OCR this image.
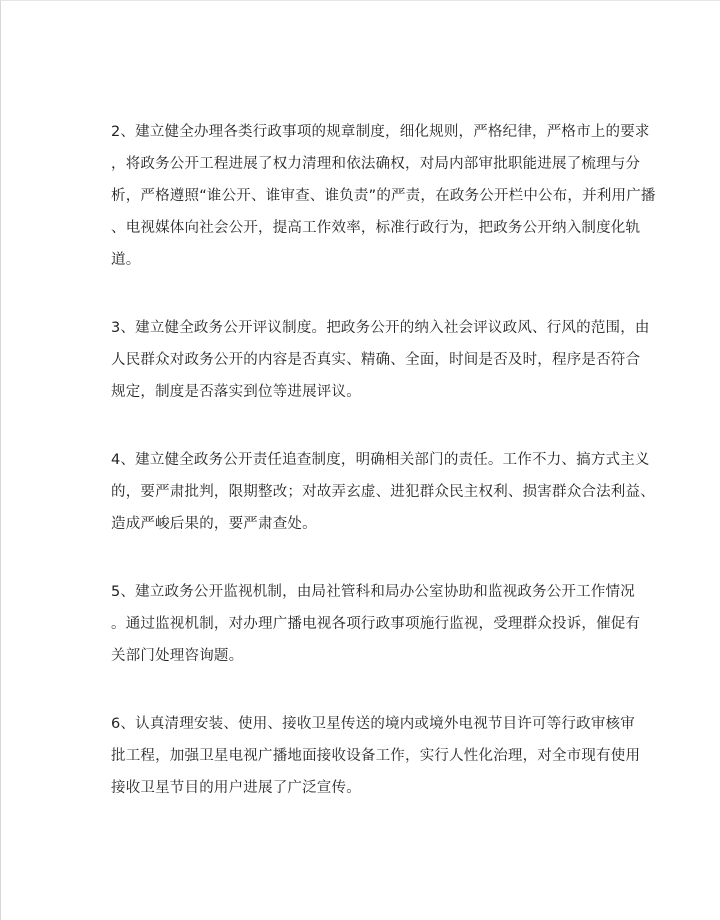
2、建立健全办理各类行政事项的规章制度，细化规则，严格纪律，严格市上的要求
，将政务公开工程进展了权力清理和依法确权，对局内部审批职能进展了梳理与分
析，严格遵照“谁公开、谁审查、谁负责”的严责，在政务公开栏中公布，并利用广播
、电视媒体向社会公开，提高工作效率，标准行政行为，把政务公开纳入制度化轨
道。

3、建立健全政务公开评议制度。把政务公开的纳入社会评议政风、行风的范围，由
人民群众对政务公开的内容是否真实、精确、全面，时间是否及时，程序是否符合
规定，制度是否落实到位等进展评议。

4、建立健全政务公开责任追查制度，明确相关部门的责任。工作不力、搞方式主义
的，要严肃批判，限期整改；对故弄玄虚、进犯群众民主权利、损害群众合法利益、
造成严峻后果的，要严肃查处。

5、建立政务公开监视机制，由局社管科和局办公室协助和监视政务公开工作情况
。通过监视机制，对办理广播电视各项行政事项施行监视，受理群众投诉，催促有
关部门处理咨询题。

6、认真清理安装、使用、接收卫星传送的境内或境外电视节目许可等行政审核审
批工程，加强卫星电视广播地面接收设备工作，实行人性化治理，对全市现有使用
接收卫星节目的用户进展了广泛宣传。
